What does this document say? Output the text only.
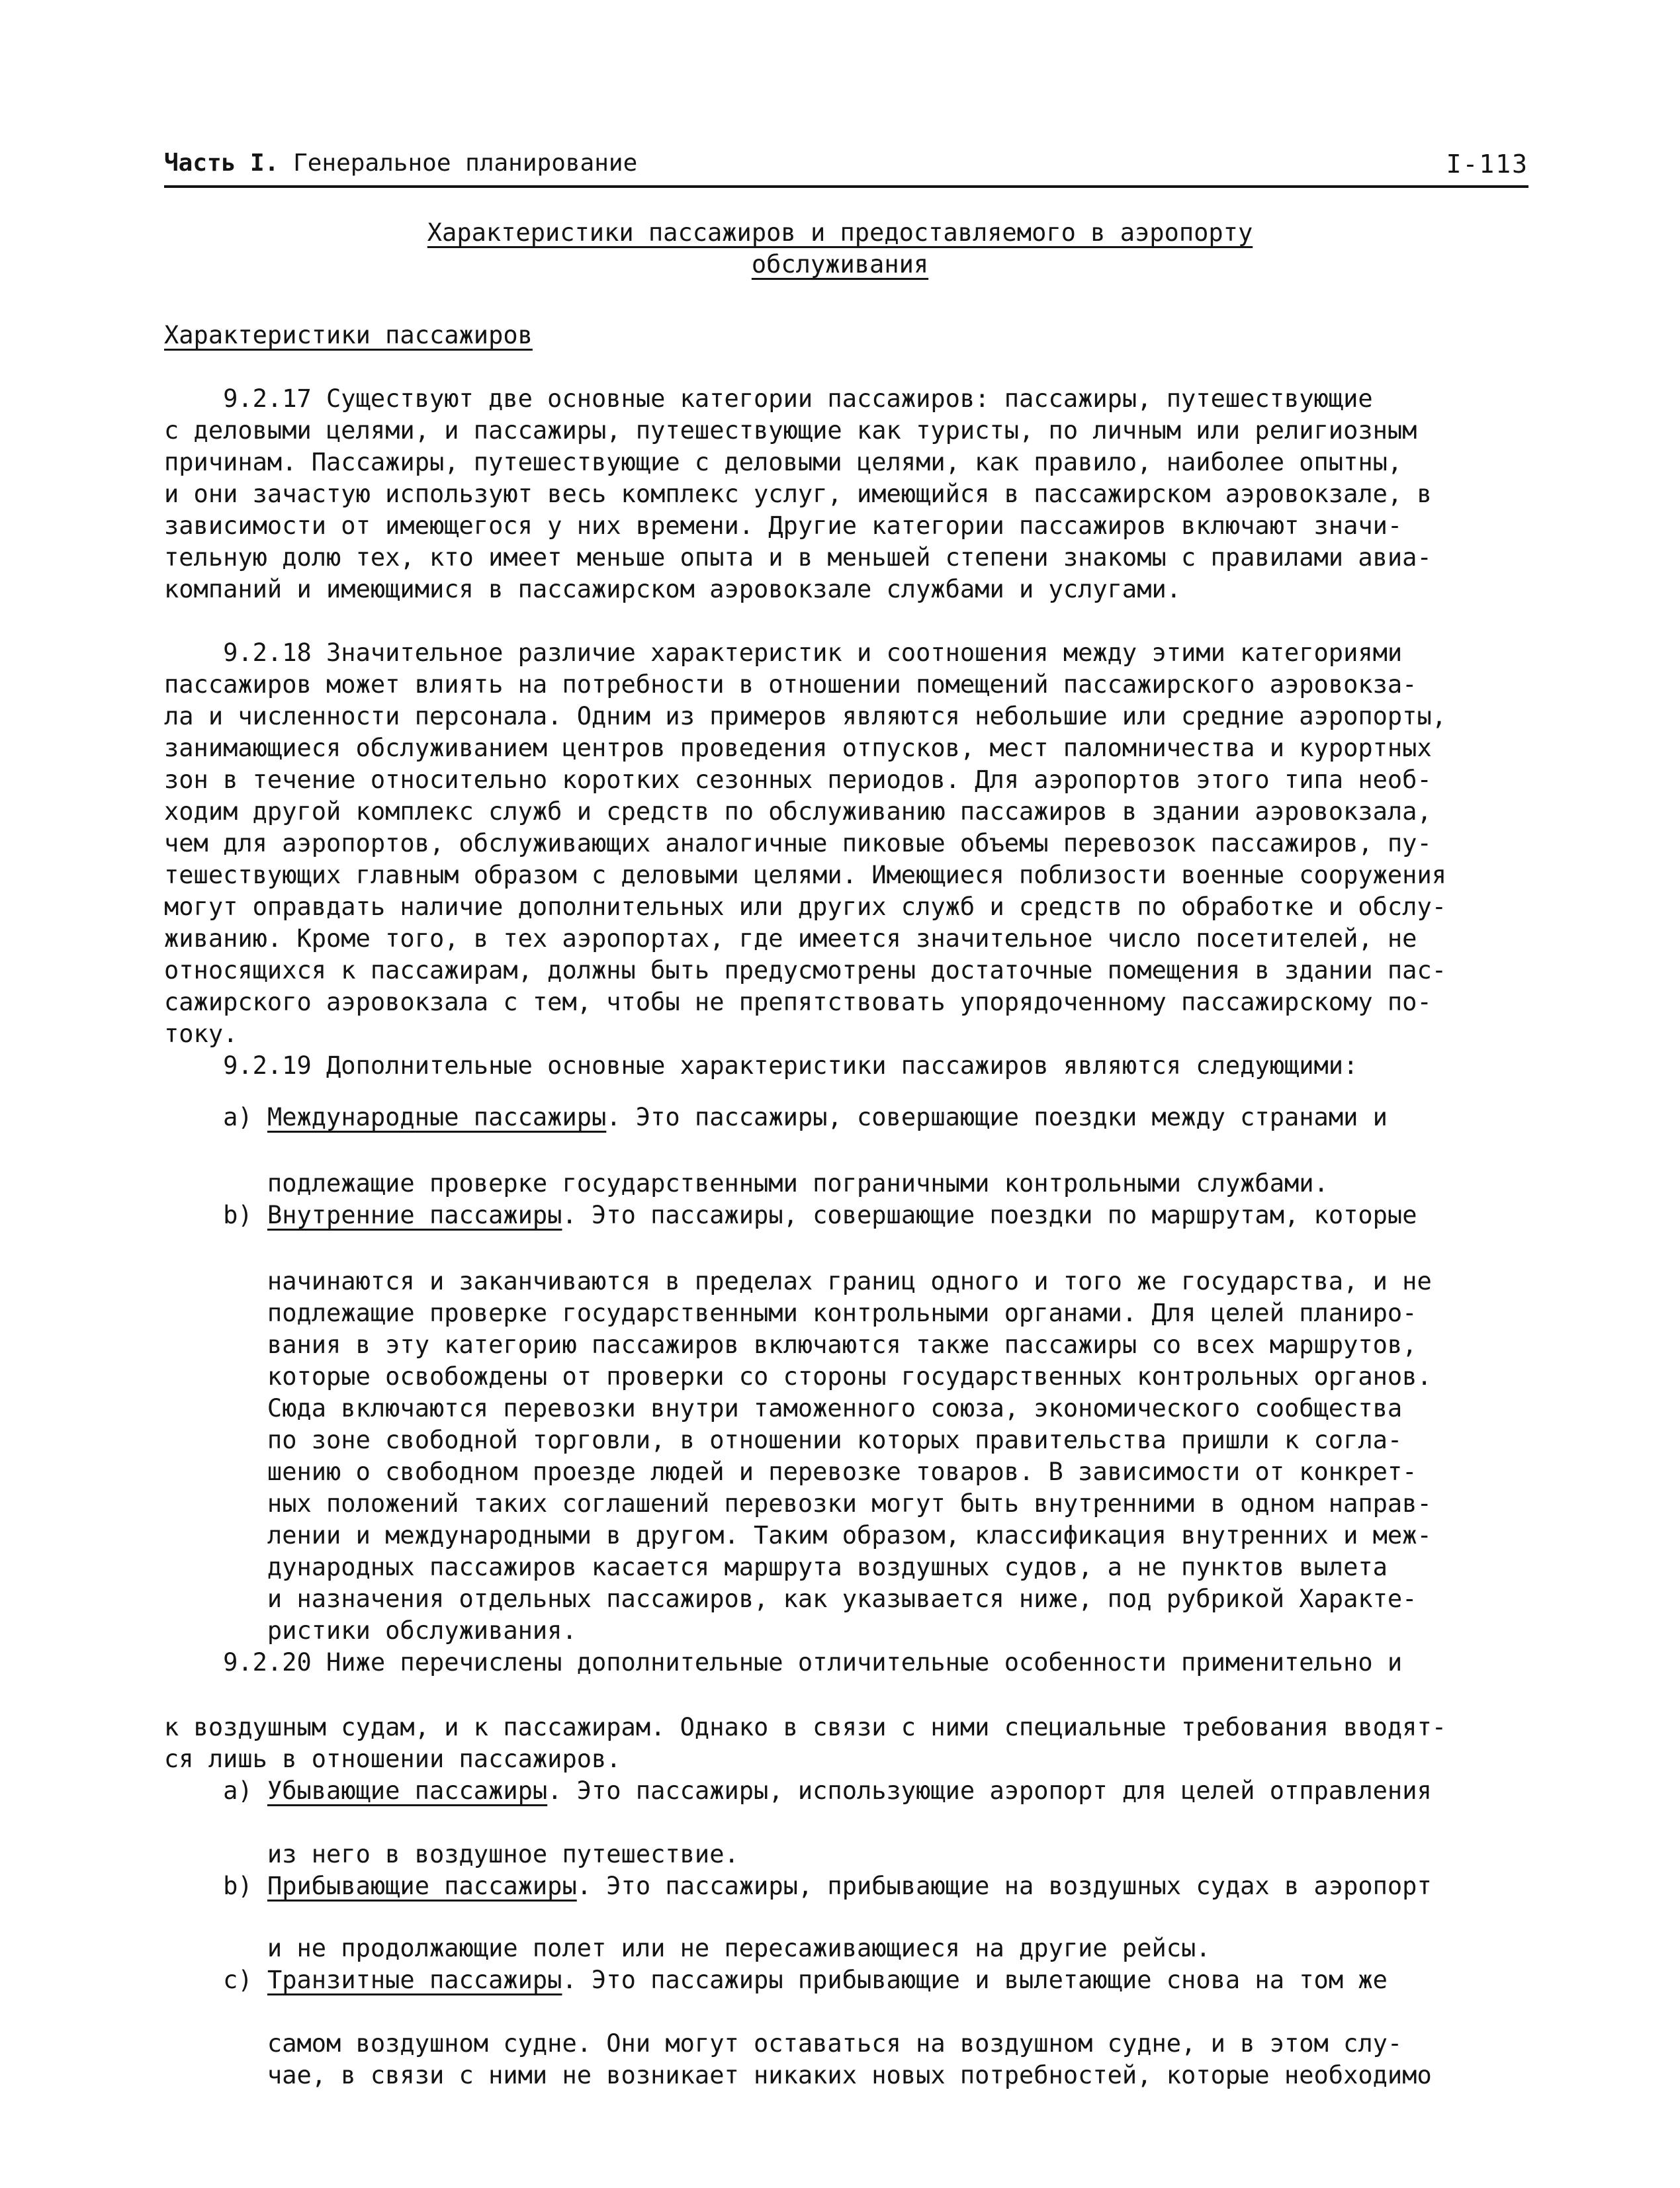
Часть I. Генеральное планирование	I-113
Характеристики пассажиров и предоставляемого в аэропорту
обслуживания
Характеристики пассажиров
9.2.17 Существуют две основные категории пассажиров: пассажиры, путешествующие
с деловыми целями, и пассажиры, путешествующие как туристы, по личным или религиозным
причинам. Пассажиры, путешествующие с деловыми целями, как правило, наиболее опытны,
и они зачастую используют весь комплекс услуг, имеющийся в пассажирском аэровокзале, в
зависимости от имеющегося у них времени. Другие категории пассажиров включают значи-
тельную долю тех, кто имеет меньше опыта и в меньшей степени знакомы с правилами авиа-
компаний и имеющимися в пассажирском аэровокзале службами и услугами.
9.2.18 Значительное различие характеристик и соотношения между этими категориями
пассажиров может влиять на потребности в отношении помещений пассажирского аэровокза-
ла и численности персонала. Одним из примеров являются небольшие или средние аэропорты,
занимающиеся обслуживанием центров проведения отпусков, мест паломничества и курортных
зон в течение относительно коротких сезонных периодов. Для аэропортов этого типа необ-
ходим другой комплекс служб и средств по обслуживанию пассажиров в здании аэровокзала,
чем для аэропортов, обслуживающих аналогичные пиковые объемы перевозок пассажиров, пу-
тешествующих главным образом с деловыми целями. Имеющиеся поблизости военные сооружения
могут оправдать наличие дополнительных или других служб и средств по обработке и обслу-
живанию. Кроме того, в тех аэропортах, где имеется значительное число посетителей, не
относящихся к пассажирам, должны быть предусмотрены достаточные помещения в здании пас-
сажирского аэровокзала с тем, чтобы не препятствовать упорядоченному пассажирскому по-
току.
9.2.19 Дополнительные основные характеристики пассажиров являются следующими:
a) Международные пассажиры. Это пассажиры, совершающие поездки между странами и
подлежащие проверке государственными пограничными контрольными службами.
b) Внутренние пассажиры. Это пассажиры, совершающие поездки по маршрутам, которые
начинаются и заканчиваются в пределах границ одного и того же государства, и не
подлежащие проверке государственными контрольными органами. Для целей планиро-
вания в эту категорию пассажиров включаются также пассажиры со всех маршрутов,
которые освобождены от проверки со стороны государственных контрольных органов.
Сюда включаются перевозки внутри таможенного союза, экономического сообщества
по зоне свободной торговли, в отношении которых правительства пришли к согла-
шению о свободном проезде людей и перевозке товаров. В зависимости от конкрет-
ных положений таких соглашений перевозки могут быть внутренними в одном направ-
лении и международными в другом. Таким образом, классификация внутренних и меж-
дународных пассажиров касается маршрута воздушных судов, а не пунктов вылета
и назначения отдельных пассажиров, как указывается ниже, под рубрикой Характе-
ристики обслуживания.
9.2.20 Ниже перечислены дополнительные отличительные особенности применительно и
к воздушным судам, и к пассажирам. Однако в связи с ними специальные требования вводят-
ся лишь в отношении пассажиров.
a) Убывающие пассажиры. Это пассажиры, использующие аэропорт для целей отправления
из него в воздушное путешествие.
b) Прибывающие пассажиры. Это пассажиры, прибывающие на воздушных судах в аэропорт
и не продолжающие полет или не пересаживающиеся на другие рейсы.
c) Транзитные пассажиры. Это пассажиры прибывающие и вылетающие снова на том же
самом воздушном судне. Они могут оставаться на воздушном судне, и в этом слу-
чае, в связи с ними не возникает никаких новых потребностей, которые необходимо
